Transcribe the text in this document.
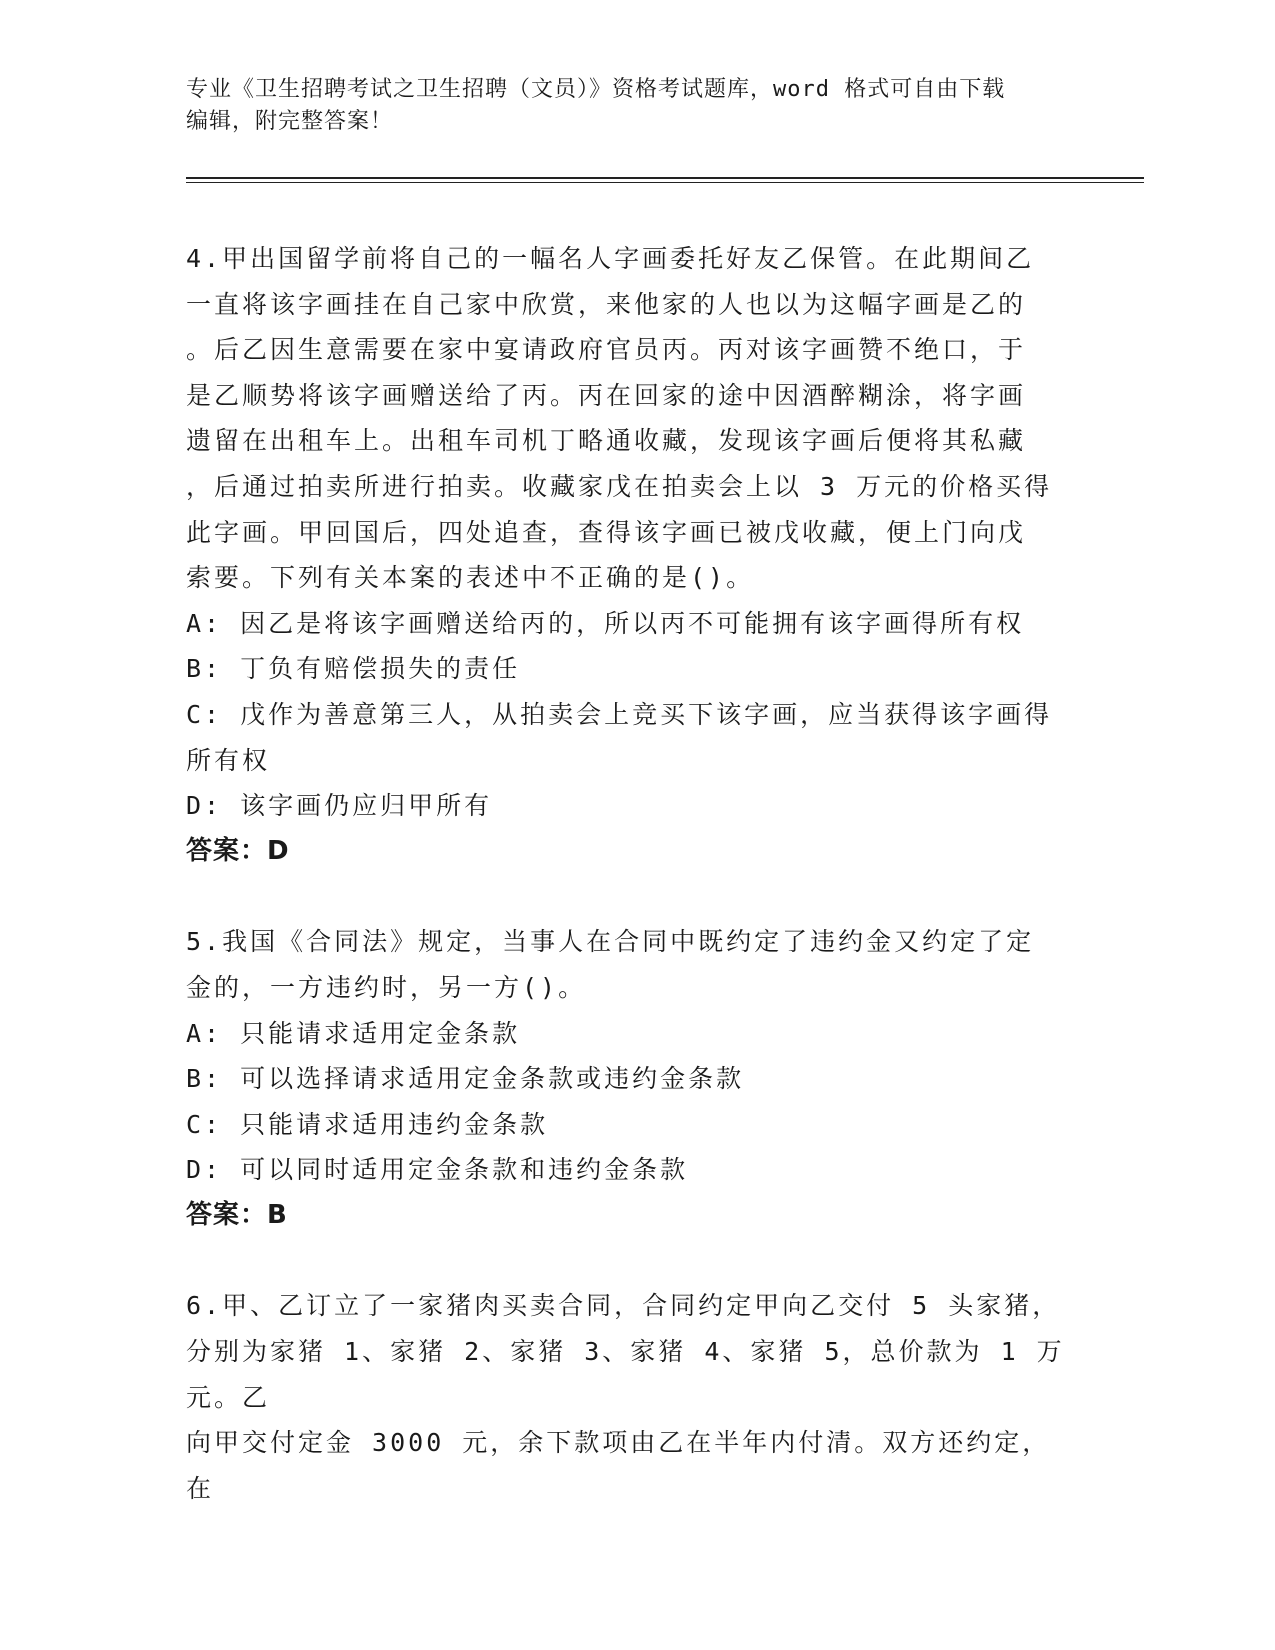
专业《卫生招聘考试之卫生招聘（文员）》资格考试题库，word 格式可自由下载
编辑，附完整答案！

4.甲出国留学前将自己的一幅名人字画委托好友乙保管。在此期间乙

一直将该字画挂在自己家中欣赏，来他家的人也以为这幅字画是乙的

。后乙因生意需要在家中宴请政府官员丙。丙对该字画赞不绝口，于

是乙顺势将该字画赠送给了丙。丙在回家的途中因酒醉糊涂，将字画

遗留在出租车上。出租车司机丁略通收藏，发现该字画后便将其私藏

，后通过拍卖所进行拍卖。收藏家戊在拍卖会上以 3 万元的价格买得

此字画。甲回国后，四处追查，查得该字画已被戊收藏，便上门向戊

索要。下列有关本案的表述中不正确的是()。

A: 因乙是将该字画赠送给丙的，所以丙不可能拥有该字画得所有权

B: 丁负有赔偿损失的责任

C: 戊作为善意第三人，从拍卖会上竞买下该字画，应当获得该字画得

所有权

D: 该字画仍应归甲所有

答案：D

5.我国《合同法》规定，当事人在合同中既约定了违约金又约定了定

金的，一方违约时，另一方()。

A: 只能请求适用定金条款

B: 可以选择请求适用定金条款或违约金条款

C: 只能请求适用违约金条款

D: 可以同时适用定金条款和违约金条款

答案：B

6.甲、乙订立了一家猪肉买卖合同，合同约定甲向乙交付 5 头家猪，

分别为家猪 1、家猪 2、家猪 3、家猪 4、家猪 5，总价款为 1 万元。乙

向甲交付定金 3000 元，余下款项由乙在半年内付清。双方还约定，在
